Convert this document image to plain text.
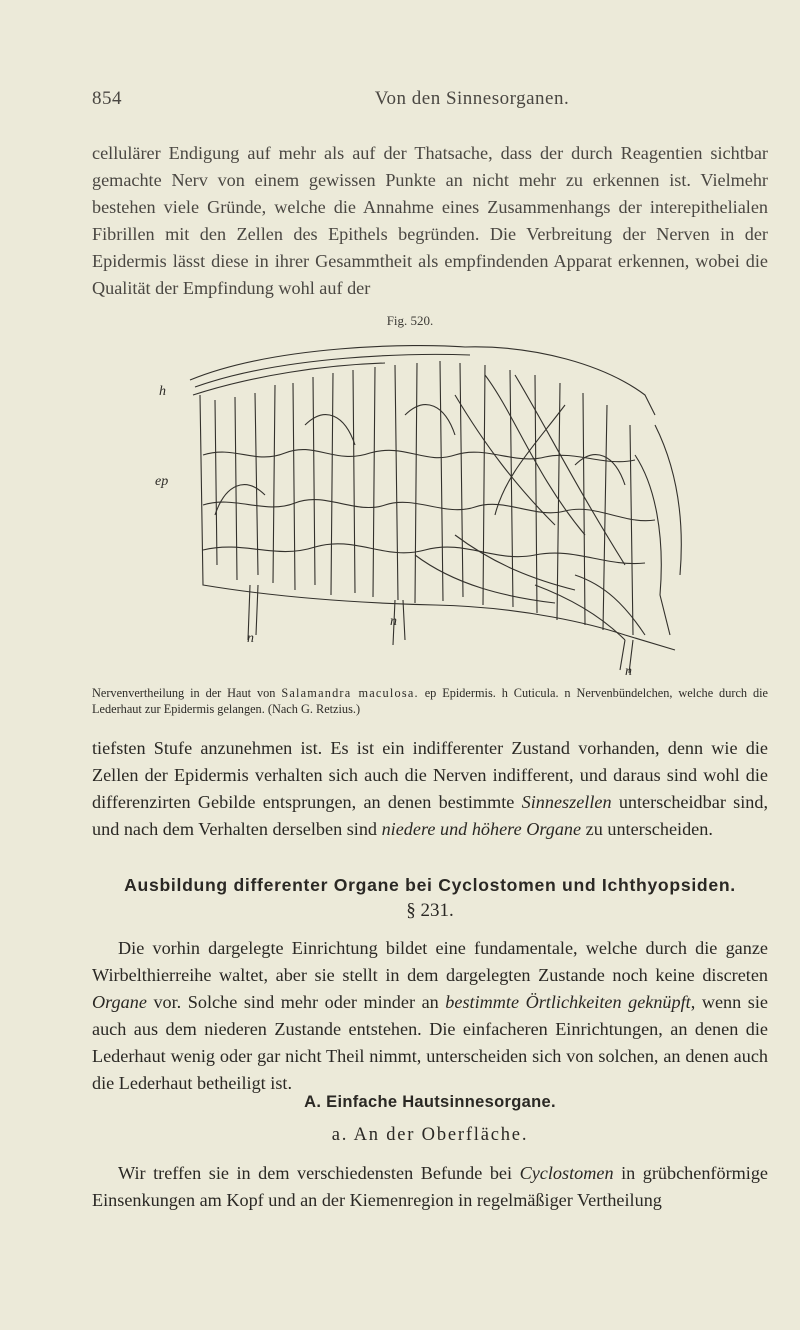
854	Von den Sinnesorganen.

cellulärer Endigung auf mehr als auf der Thatsache, dass der durch Reagentien sichtbar gemachte Nerv von einem gewissen Punkte an nicht mehr zu erkennen ist. Vielmehr bestehen viele Gründe, welche die Annahme eines Zusammenhangs der interepithelialen Fibrillen mit den Zellen des Epithels begründen. Die Verbreitung der Nerven in der Epidermis lässt diese in ihrer Gesammtheit als empfindenden Apparat erkennen, wobei die Qualität der Empfindung wohl auf der

Fig. 520.
h
ep
n
n
n

Nervenvertheilung in der Haut von Salamandra maculosa. ep Epidermis. h Cuticula. n Nervenbündelchen, welche durch die Lederhaut zur Epidermis gelangen. (Nach G. Retzius.)

tiefsten Stufe anzunehmen ist. Es ist ein indifferenter Zustand vorhanden, denn wie die Zellen der Epidermis verhalten sich auch die Nerven indifferent, und daraus sind wohl die differenzirten Gebilde entsprungen, an denen bestimmte Sinneszellen unterscheidbar sind, und nach dem Verhalten derselben sind niedere und höhere Organe zu unterscheiden.

Ausbildung differenter Organe bei Cyclostomen und Ichthyopsiden.

§ 231.

Die vorhin dargelegte Einrichtung bildet eine fundamentale, welche durch die ganze Wirbelthierreihe waltet, aber sie stellt in dem dargelegten Zustande noch keine discreten Organe vor. Solche sind mehr oder minder an bestimmte Örtlichkeiten geknüpft, wenn sie auch aus dem niederen Zustande entstehen. Die einfacheren Einrichtungen, an denen die Lederhaut wenig oder gar nicht Theil nimmt, unterscheiden sich von solchen, an denen auch die Lederhaut betheiligt ist.

A. Einfache Hautsinnesorgane.

a. An der Oberfläche.

Wir treffen sie in dem verschiedensten Befunde bei Cyclostomen in grübchenförmige Einsenkungen am Kopf und an der Kiemenregion in regelmäßiger Vertheilung
